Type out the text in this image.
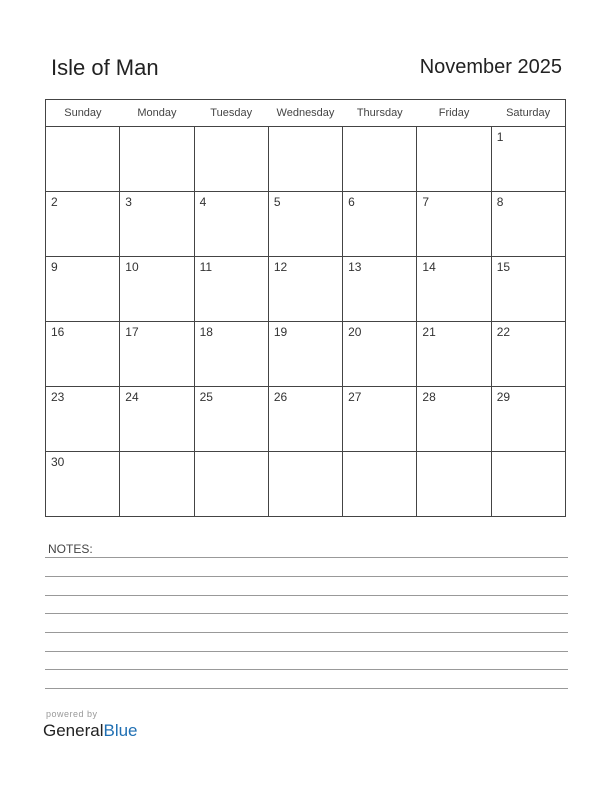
Isle of Man	November 2025
Sunday	Monday	Tuesday	Wednesday	Thursday	Friday	Saturday

						1

2	3	4	5	6	7	8

9	10	11	12	13	14	15

16	17	18	19	20	21	22

23	24	25	26	27	28	29

30						

NOTES:
powered by
GeneralBlue
